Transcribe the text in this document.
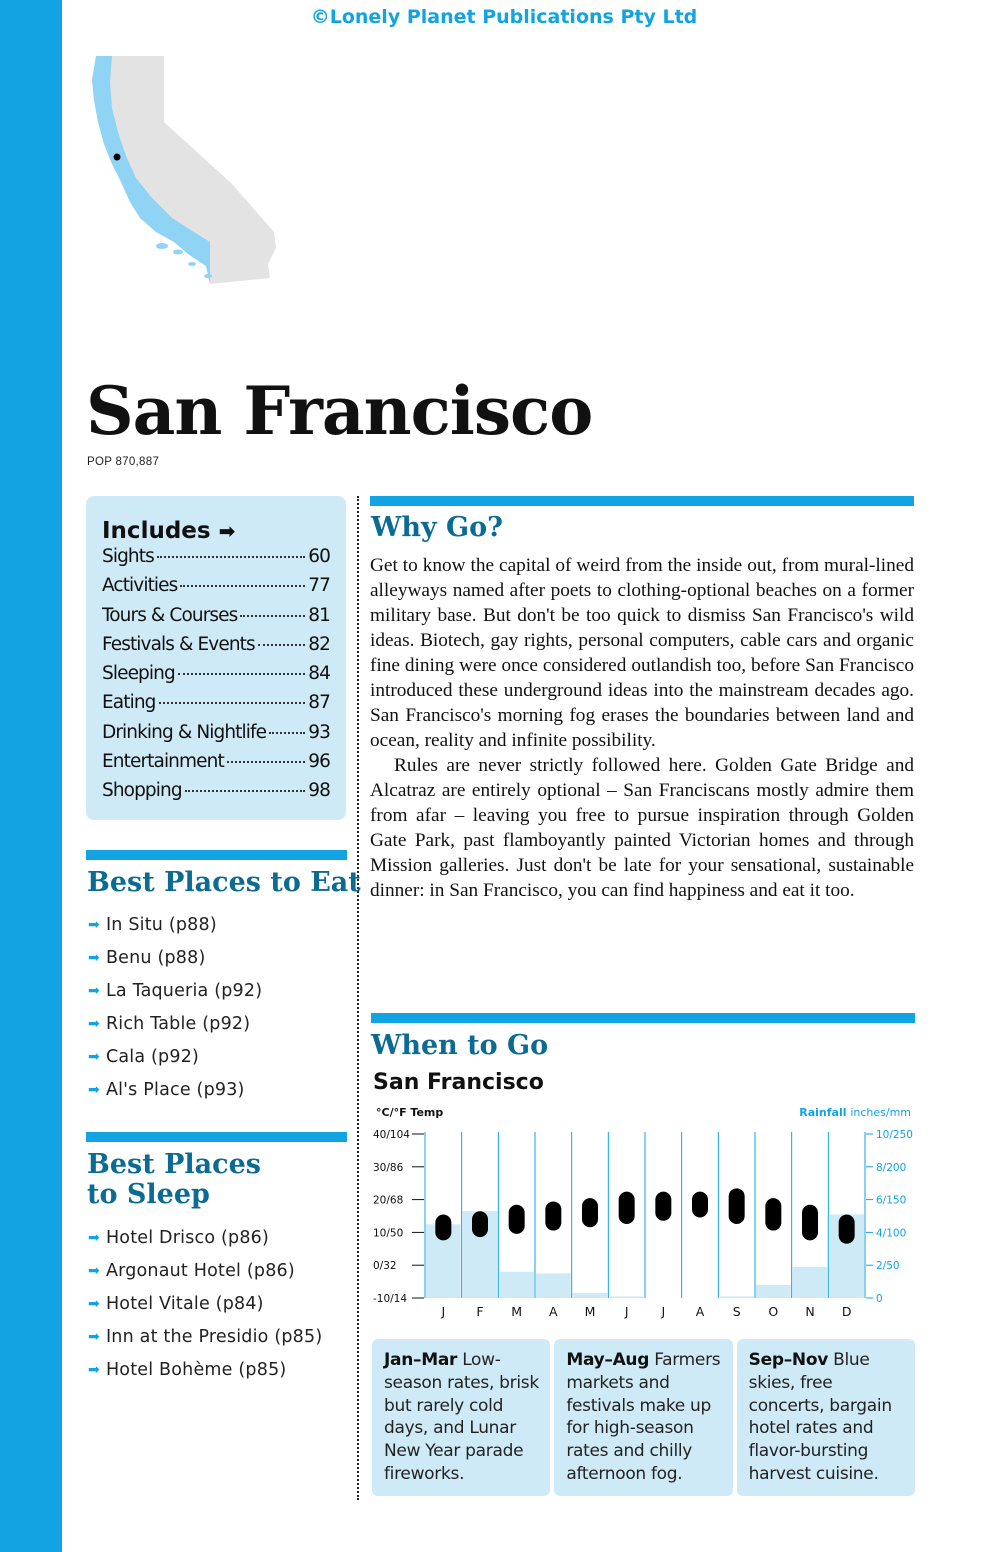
©Lonely Planet Publications Pty Ltd
San Francisco
POP 870,887
Includes ➡
Sights	60
Activities	77
Tours & Courses	81
Festivals & Events	82
Sleeping	84
Eating	87
Drinking & Nightlife 93
Entertainment	96
Shopping	98
Best Places to Eat
➡ In Situ (p88)
➡ Benu (p88)
➡ La Taqueria (p92)
➡ Rich Table (p92)
➡ Cala (p92)
➡ Al's Place (p93)
Best Places
to Sleep
➡ Hotel Drisco (p86)
➡ Argonaut Hotel (p86)
➡ Hotel Vitale (p84)
➡ Inn at the Presidio (p85)
➡ Hotel Bohème (p85)
Why Go?

Get to know the capital of weird from the inside out, from mural-lined alleyways named after poets to clothing-optional beaches on a former military base. But don't be too quick to dismiss San Francisco's wild ideas. Biotech, gay rights, personal computers, cable cars and organic fine dining were once considered outlandish too, before San Francisco introduced these underground ideas into the mainstream decades ago. San Francisco's morning fog erases the boundaries between land and ocean, reality and infinite possibility.

Rules are never strictly followed here. Golden Gate Bridge and Alcatraz are entirely optional – San Franciscans mostly admire them from afar – leaving you free to pursue inspiration through Golden Gate Park, past flamboyantly painted Victorian homes and through Mission galleries. Just don't be late for your sensational, sustainable dinner: in San Francisco, you can find happiness and eat it too.

When to Go
San Francisco
°C/°F Temp	Rainfall inches/mm
40/104
30/86
20/68
10/50
0/32
-10/14
10/250
8/200
6/150
4/100
2/50
0
J F M A M J	J A S O N D
Jan–Mar Low-season rates, brisk but rarely cold days, and Lunar New Year parade fireworks.
May–Aug Farmers markets and festivals make up for high-season rates and chilly afternoon fog.
Sep–Nov Blue skies, free concerts, bargain hotel rates and flavor-bursting harvest cuisine.
